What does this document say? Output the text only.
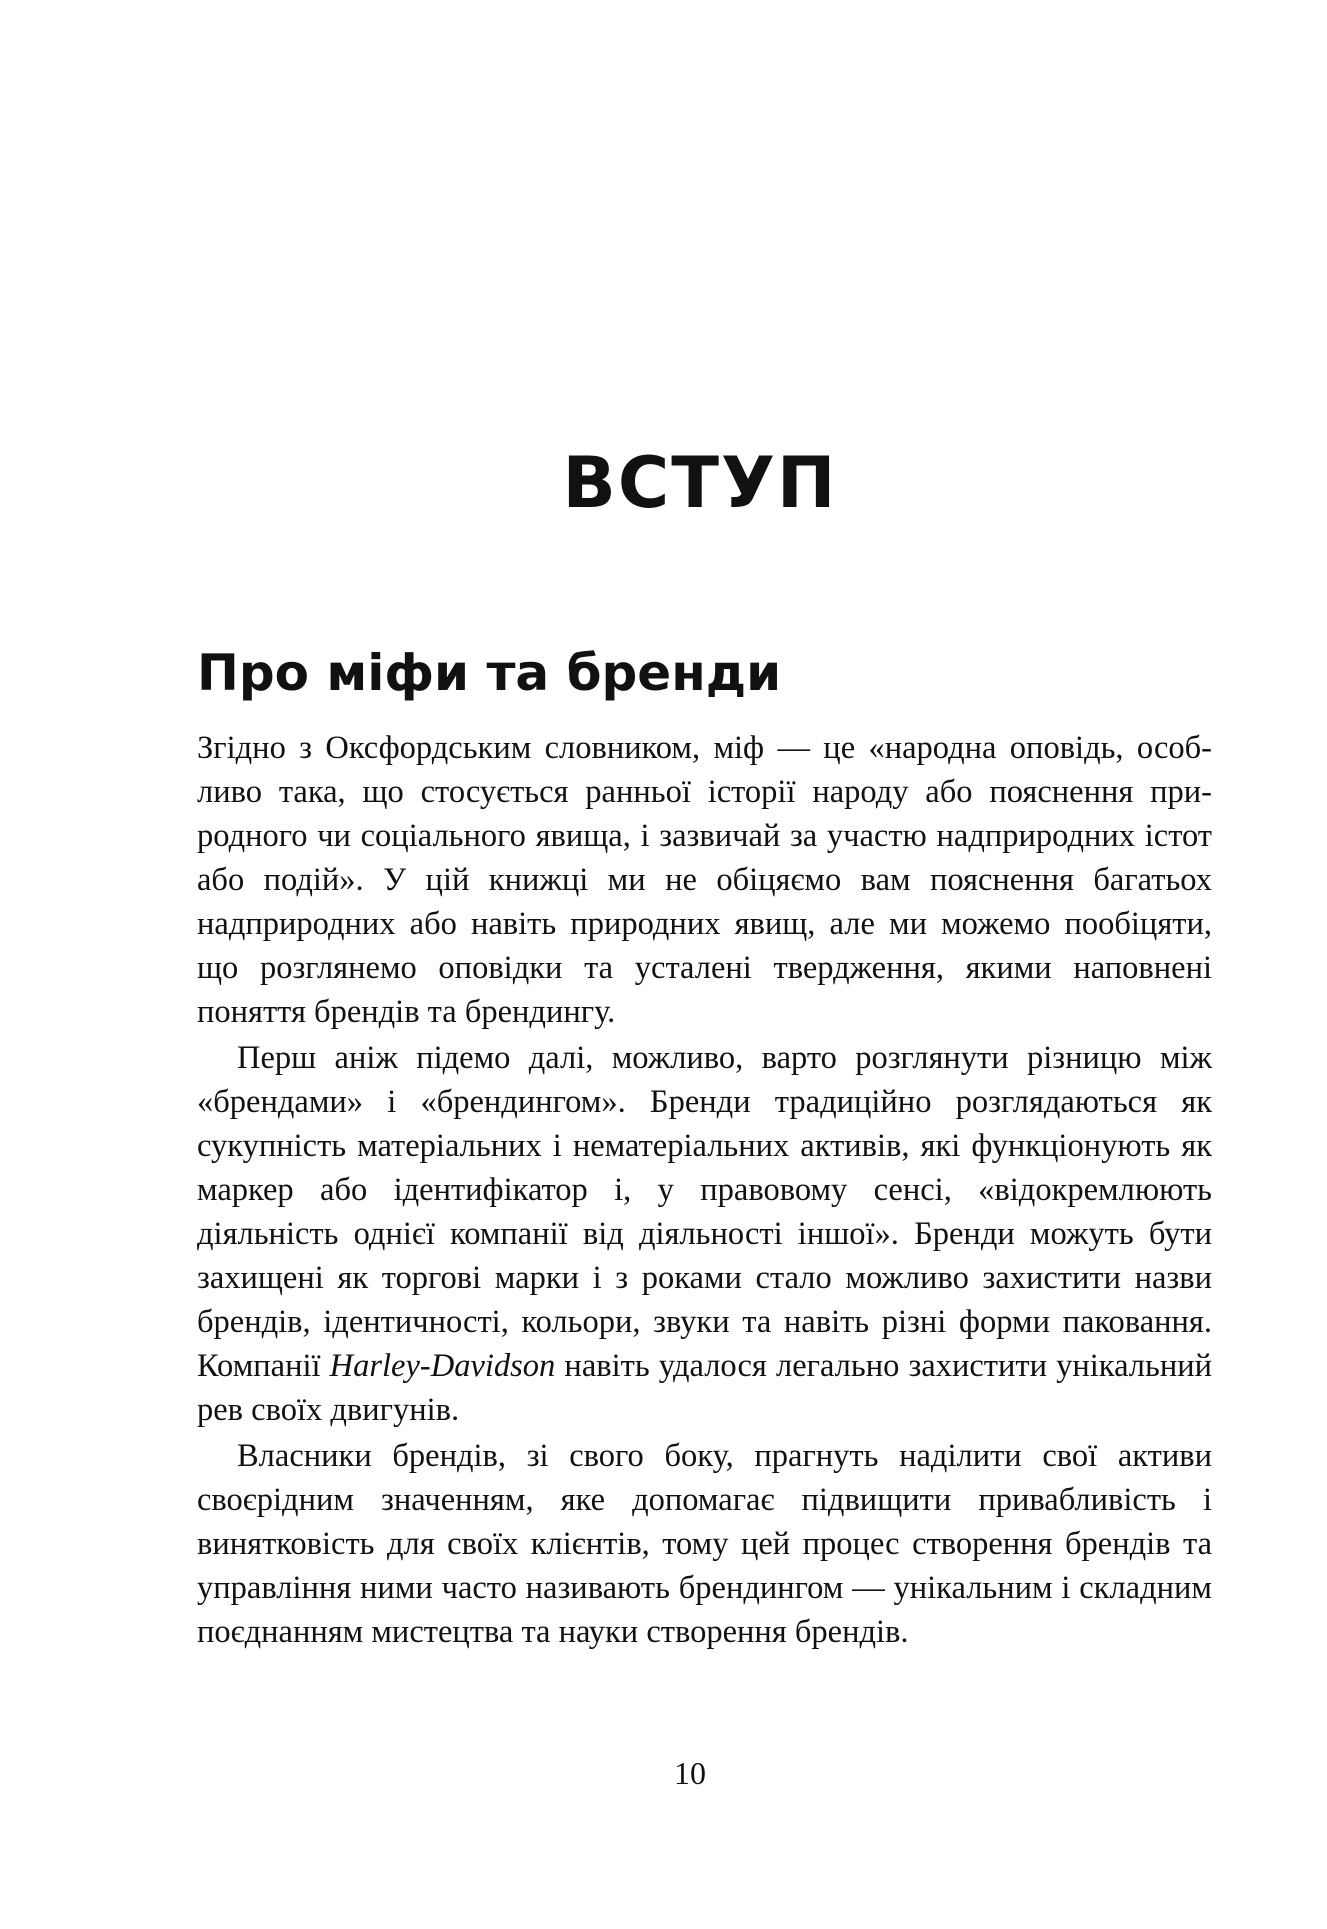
ВСТУП
Про міфи та бренди

Згідно з Оксфордським словником, міф — це «народна оповідь, особливо така, що стосується ранньої історії народу або пояснення природного чи соціального явища, і зазвичай за участю надприродних істот або подій». У цій книжці ми не обіцяємо вам пояснення багатьох надприродних або навіть природних явищ, але ми можемо пообіцяти, що розглянемо оповідки та усталені твердження, якими наповнені поняття брендів та брендингу.

Перш аніж підемо далі, можливо, варто розглянути різницю між «брендами» і «брендингом». Бренди традиційно розглядаються як сукупність матеріальних і нематеріальних активів, які функціонують як маркер або ідентифікатор і, у правовому сенсі, «відокремлюють діяльність однієї компанії від діяльності іншої». Бренди можуть бути захищені як торгові марки і з роками стало можливо захистити назви брендів, ідентичності, кольори, звуки та навіть різні форми паковання. Компанії Harley-Davidson навіть удалося легально захистити унікальний рев своїх двигунів.

Власники брендів, зі свого боку, прагнуть наділити свої активи своєрідним значенням, яке допомагає підвищити привабливість і винятковість для своїх клієнтів, тому цей процес створення брендів та управління ними часто називають брендингом — унікальним і складним поєднанням мистецтва та науки створення брендів.

10
